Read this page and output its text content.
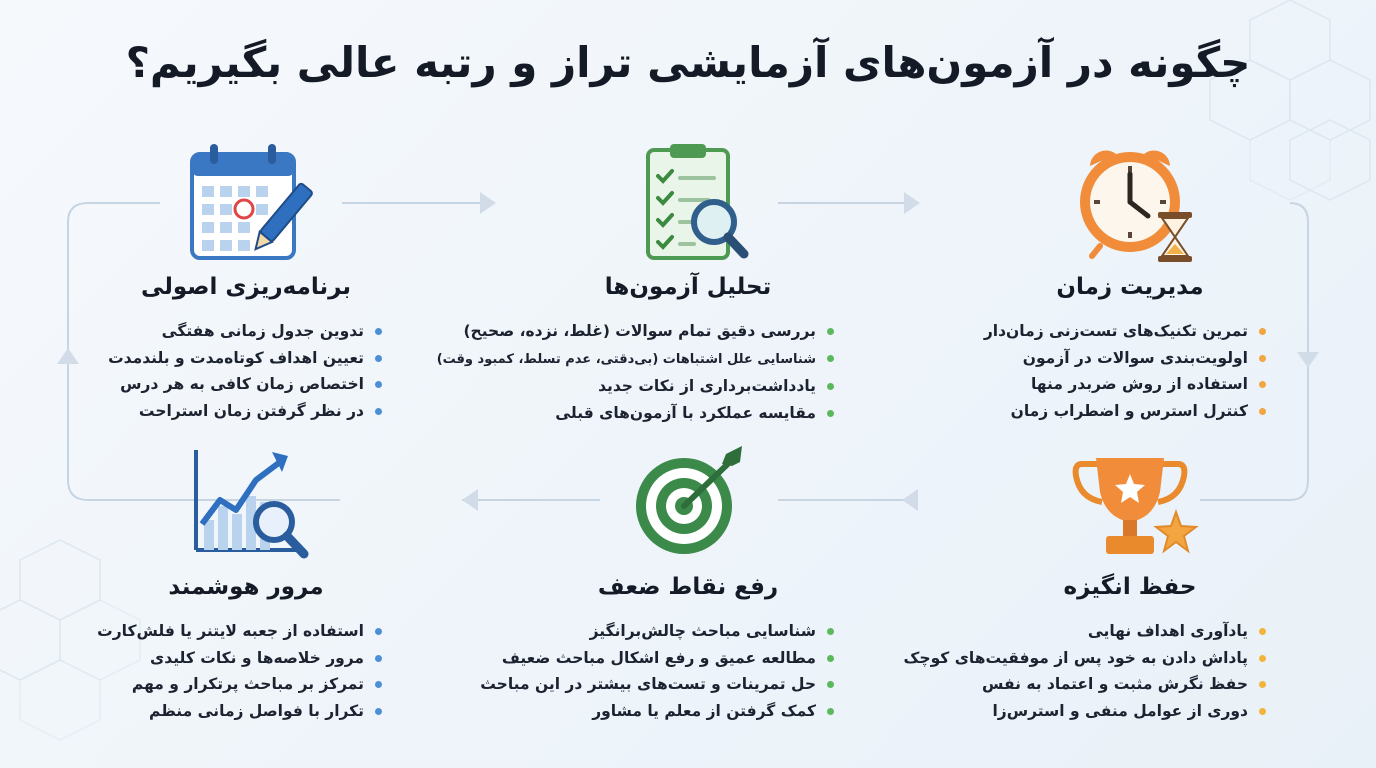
چگونه در آزمون‌های آزمایشی تراز و رتبه عالی بگیریم؟
مدیریت زمان
تمرین تکنیک‌های تست‌زنی زمان‌دار
اولویت‌بندی سوالات در آزمون
استفاده از روش ضربدر منها
کنترل استرس و اضطراب زمان
تحلیل آزمون‌ها
بررسی دقیق تمام سوالات (غلط، نزده، صحیح)
شناسایی علل اشتباهات (بی‌دقتی، عدم تسلط، کمبود وقت)
یادداشت‌برداری از نکات جدید
مقایسه عملکرد با آزمون‌های قبلی
برنامه‌ریزی اصولی
تدوین جدول زمانی هفتگی
تعیین اهداف کوتاه‌مدت و بلندمدت
اختصاص زمان کافی به هر درس
در نظر گرفتن زمان استراحت
حفظ انگیزه
یادآوری اهداف نهایی
پاداش دادن به خود پس از موفقیت‌های کوچک
حفظ نگرش مثبت و اعتماد به نفس
دوری از عوامل منفی و استرس‌زا
رفع نقاط ضعف
شناسایی مباحث چالش‌برانگیز
مطالعه عمیق و رفع اشکال مباحث ضعیف
حل تمرینات و تست‌های بیشتر در این مباحث
کمک گرفتن از معلم یا مشاور
مرور هوشمند
استفاده از جعبه لایتنر یا فلش‌کارت
مرور خلاصه‌ها و نکات کلیدی
تمرکز بر مباحث پرتکرار و مهم
تکرار با فواصل زمانی منظم
